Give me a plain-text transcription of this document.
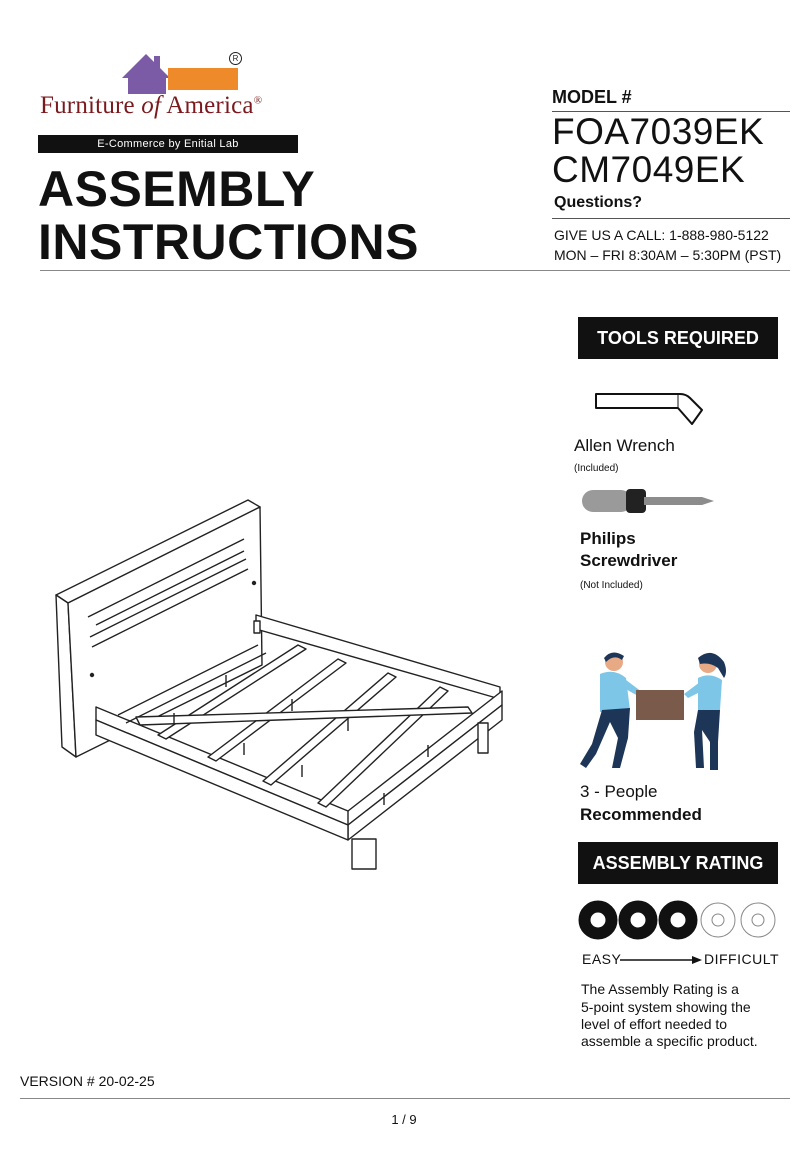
R
Furniture of America®
E-Commerce by Enitial Lab
ASSEMBLY
INSTRUCTIONS
MODEL #
FOA7039EK
CM7049EK
Questions?
GIVE US A CALL: 1-888-980-5122
MON – FRI 8:30AM – 5:30PM (PST)
TOOLS REQUIRED
Allen Wrench
(Included)
Philips
Screwdriver
(Not Included)
3 - People
Recommended
ASSEMBLY RATING
EASY	DIFFICULT
The Assembly Rating is a
5-point system showing the
level of effort needed to
assemble a specific product.
VERSION # 20-02-25
1 / 9
